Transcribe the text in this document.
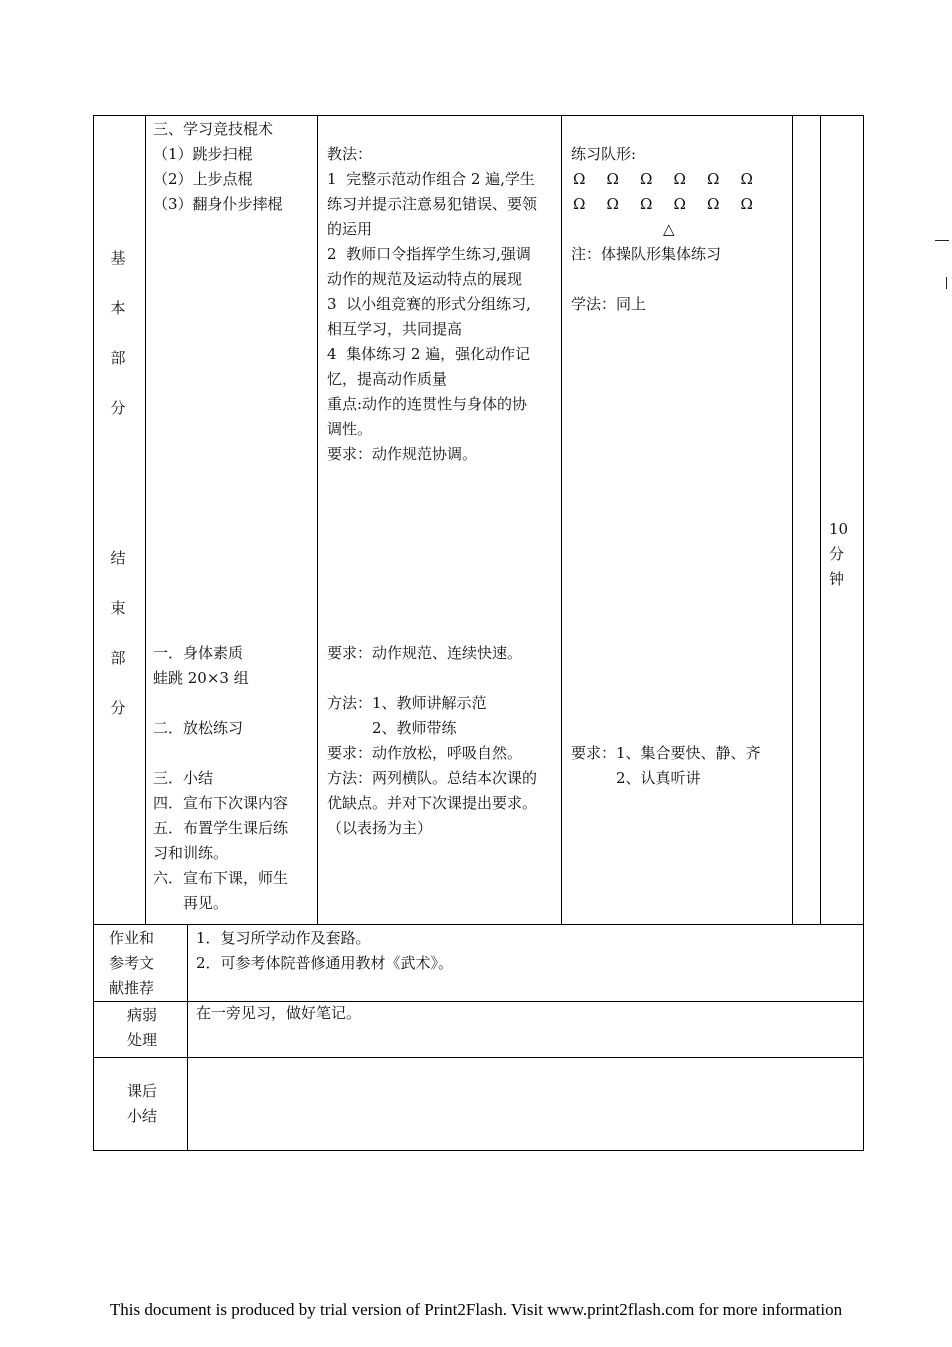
基
本
部
分
结
束
部
分
三、学习竞技棍术
（1）跳步扫棍
（2）上步点棍
（3）翻身仆步摔棍
一．身体素质
蛙跳 20×3 组
二．放松练习
三．小结
四．宣布下次课内容
五．布置学生课后练
习和训练。
六．宣布下课，师生
　　再见。
教法：
1  完整示范动作组合 2 遍,学生
练习并提示注意易犯错误、要领
的运用
2  教师口令指挥学生练习,强调
动作的规范及运动特点的展现
3  以小组竞赛的形式分组练习,
相互学习，共同提高
4  集体练习 2 遍，强化动作记
忆，提高动作质量
重点:动作的连贯性与身体的协
调性。
要求：动作规范协调。
要求：动作规范、连续快速。
方法：1、教师讲解示范
　　　2、教师带练
要求：动作放松，呼吸自然。
方法：两列横队。总结本次课的
优缺点。并对下次课提出要求。
（以表扬为主）
练习队形:
Ω Ω Ω Ω Ω Ω
Ω Ω Ω Ω Ω Ω
△
注：体操队形集体练习
学法：同上
要求：1、集合要快、静、齐
　　　2、认真听讲
10
分
钟
作业和
参考文
献推荐
1．复习所学动作及套路。
2．可参考体院普修通用教材《武术》。
病弱
处理
在一旁见习，做好笔记。
课后
小结
This document is produced by trial version of Print2Flash. Visit www.print2flash.com for more information
